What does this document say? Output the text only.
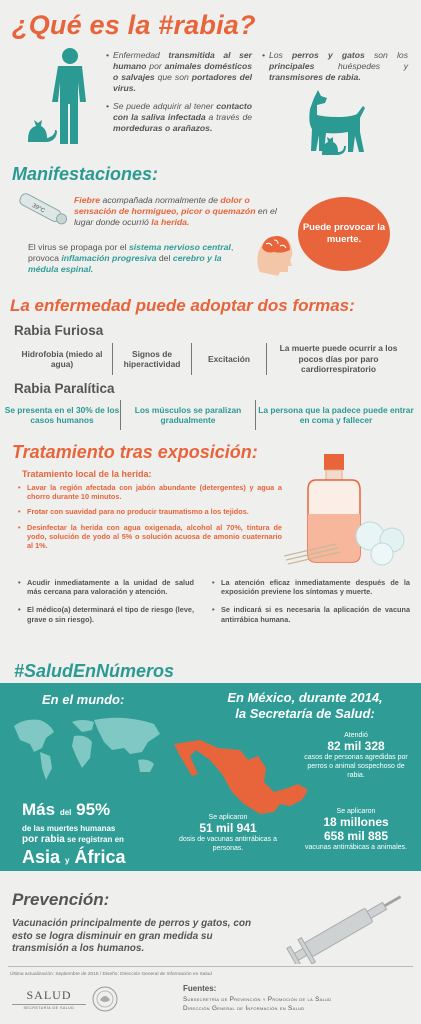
¿Qué es la #rabia?

• Enfermedad transmitida al ser humano por animales domésticos o salvajes que son portadores del virus.

• Se puede adquirir al tener contacto con la saliva infectada a través de mordeduras o arañazos.

• Los perros y gatos son los principales huéspedes y transmisores de rabia.

Manifestaciones:
39°C
Fiebre acompañada normalmente de dolor o sensación de hormigueo, picor o quemazón en el lugar donde ocurrió la herida.	Puede provocar la muerte.
El virus se propaga por el sistema nervioso central, provoca inflamación progresiva del cerebro y la médula espinal.
La enfermedad puede adoptar dos formas:
Rabia Furiosa
Hidrofobia (miedo al agua)
Signos de hiperactividad
Excitación
La muerte puede ocurrir a los pocos días por paro cardiorrespiratorio
Rabia Paralítica
Se presenta en el 30% de los casos humanos
Los músculos se paralizan gradualmente
La persona que la padece puede entrar en coma y fallecer
Tratamiento tras exposición:
Tratamiento local de la herida:

• Lavar la región afectada con jabón abundante (detergentes) y agua a chorro durante 10 minutos.

• Frotar con suavidad para no producir traumatismo a los tejidos.

• Desinfectar la herida con agua oxigenada, alcohol al 70%, tintura de yodo, solución de yodo al 5% o solución acuosa de amonio cuaternario al 1%.

• Acudir inmediatamente a la unidad de salud más cercana para valoración y atención.

• El médico(a) determinará el tipo de riesgo (leve, grave o sin riesgo).

• La atención eficaz inmediatamente después de la exposición previene los síntomas y muerte.

• Se indicará si es necesaria la aplicación de vacuna antirrábica humana.

#SaludEnNúmeros
En el mundo:
Más del 95%
de las muertes humanas
por rabia se registran en
Asia y África
En México, durante 2014,
la Secretaría de Salud:
Atendió
82 mil 328
casos de personas agredidas por perros o animal sospechoso de rabia.
Se aplicaron
51 mil 941
dosis de vacunas antirrábicas a personas.
Se aplicaron
18 millones
658 mil 885
vacunas antirrábicas a animales.
Prevención:
Vacunación principalmente de perros y gatos, con esto se logra disminuir en gran medida su transmisión a los humanos.
Última actualización: Septiembre de 2015 / Diseño: Dirección General de Información en Salud
SALUD
SECRETARÍA DE SALUD
Fuentes:
Subsecretría de Prevención y Promoción de la Salud
Dirección General de Información en Salud
